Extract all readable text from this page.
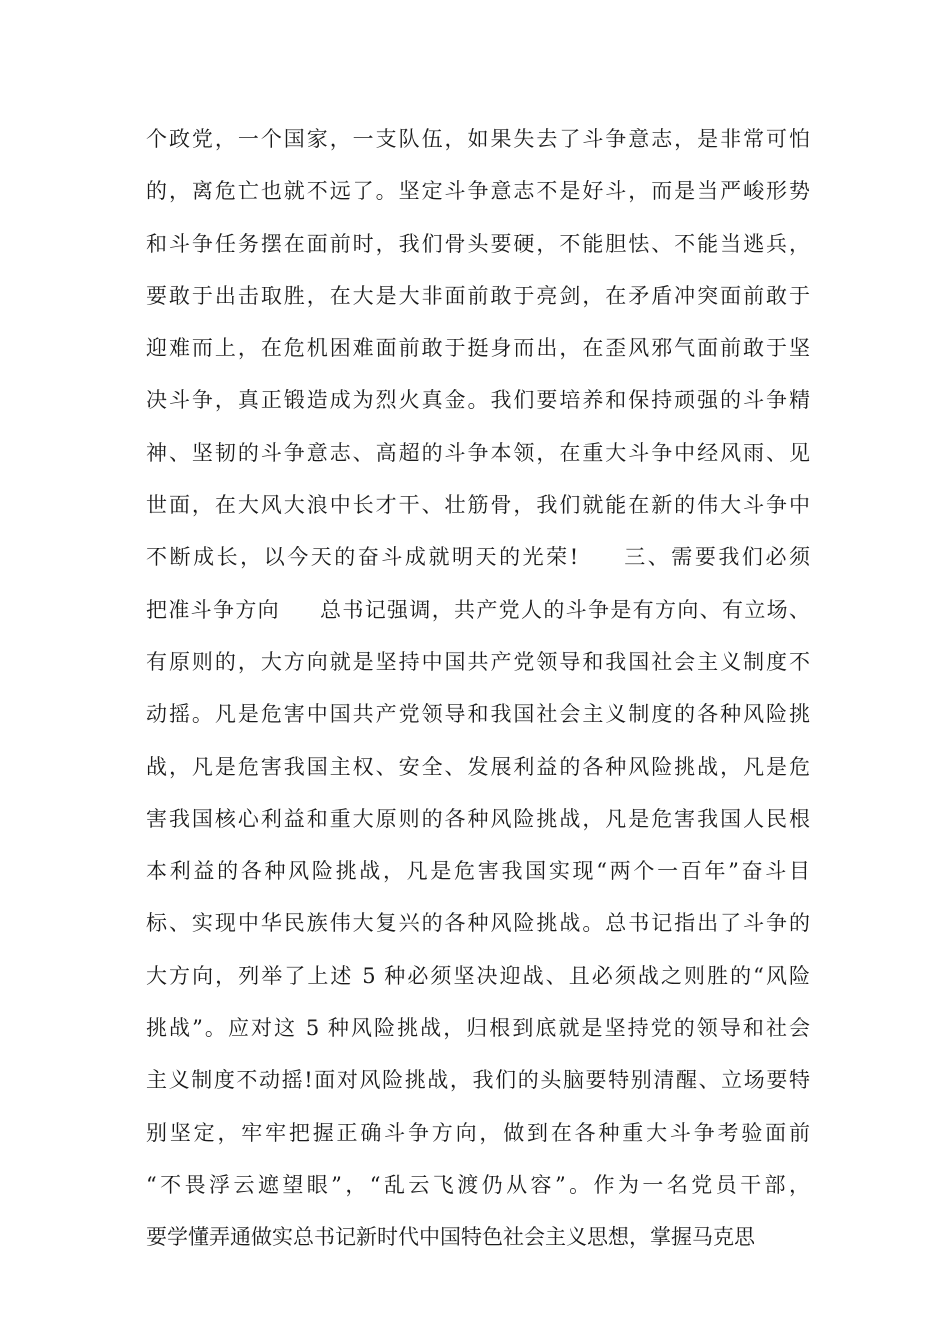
个政党，一个国家，一支队伍，如果失去了斗争意志，是非常可怕
的，离危亡也就不远了。坚定斗争意志不是好斗，而是当严峻形势
和斗争任务摆在面前时，我们骨头要硬，不能胆怯、不能当逃兵，
要敢于出击取胜，在大是大非面前敢于亮剑，在矛盾冲突面前敢于
迎难而上，在危机困难面前敢于挺身而出，在歪风邪气面前敢于坚
决斗争，真正锻造成为烈火真金。我们要培养和保持顽强的斗争精
神、坚韧的斗争意志、高超的斗争本领，在重大斗争中经风雨、见
世面，在大风大浪中长才干、壮筋骨，我们就能在新的伟大斗争中
不断成长，以今天的奋斗成就明天的光荣!     三、需要我们必须
把准斗争方向     总书记强调，共产党人的斗争是有方向、有立场、
有原则的，大方向就是坚持中国共产党领导和我国社会主义制度不
动摇。凡是危害中国共产党领导和我国社会主义制度的各种风险挑
战，凡是危害我国主权、安全、发展利益的各种风险挑战，凡是危
害我国核心利益和重大原则的各种风险挑战，凡是危害我国人民根
本利益的各种风险挑战，凡是危害我国实现“两个一百年”奋斗目
标、实现中华民族伟大复兴的各种风险挑战。总书记指出了斗争的
大方向，列举了上述 5 种必须坚决迎战、且必须战之则胜的“风险
挑战”。应对这 5 种风险挑战，归根到底就是坚持党的领导和社会
主义制度不动摇!面对风险挑战，我们的头脑要特别清醒、立场要特
别坚定，牢牢把握正确斗争方向，做到在各种重大斗争考验面前
“不畏浮云遮望眼”，“乱云飞渡仍从容”。作为一名党员干部，
要学懂弄通做实总书记新时代中国特色社会主义思想，掌握马克思
